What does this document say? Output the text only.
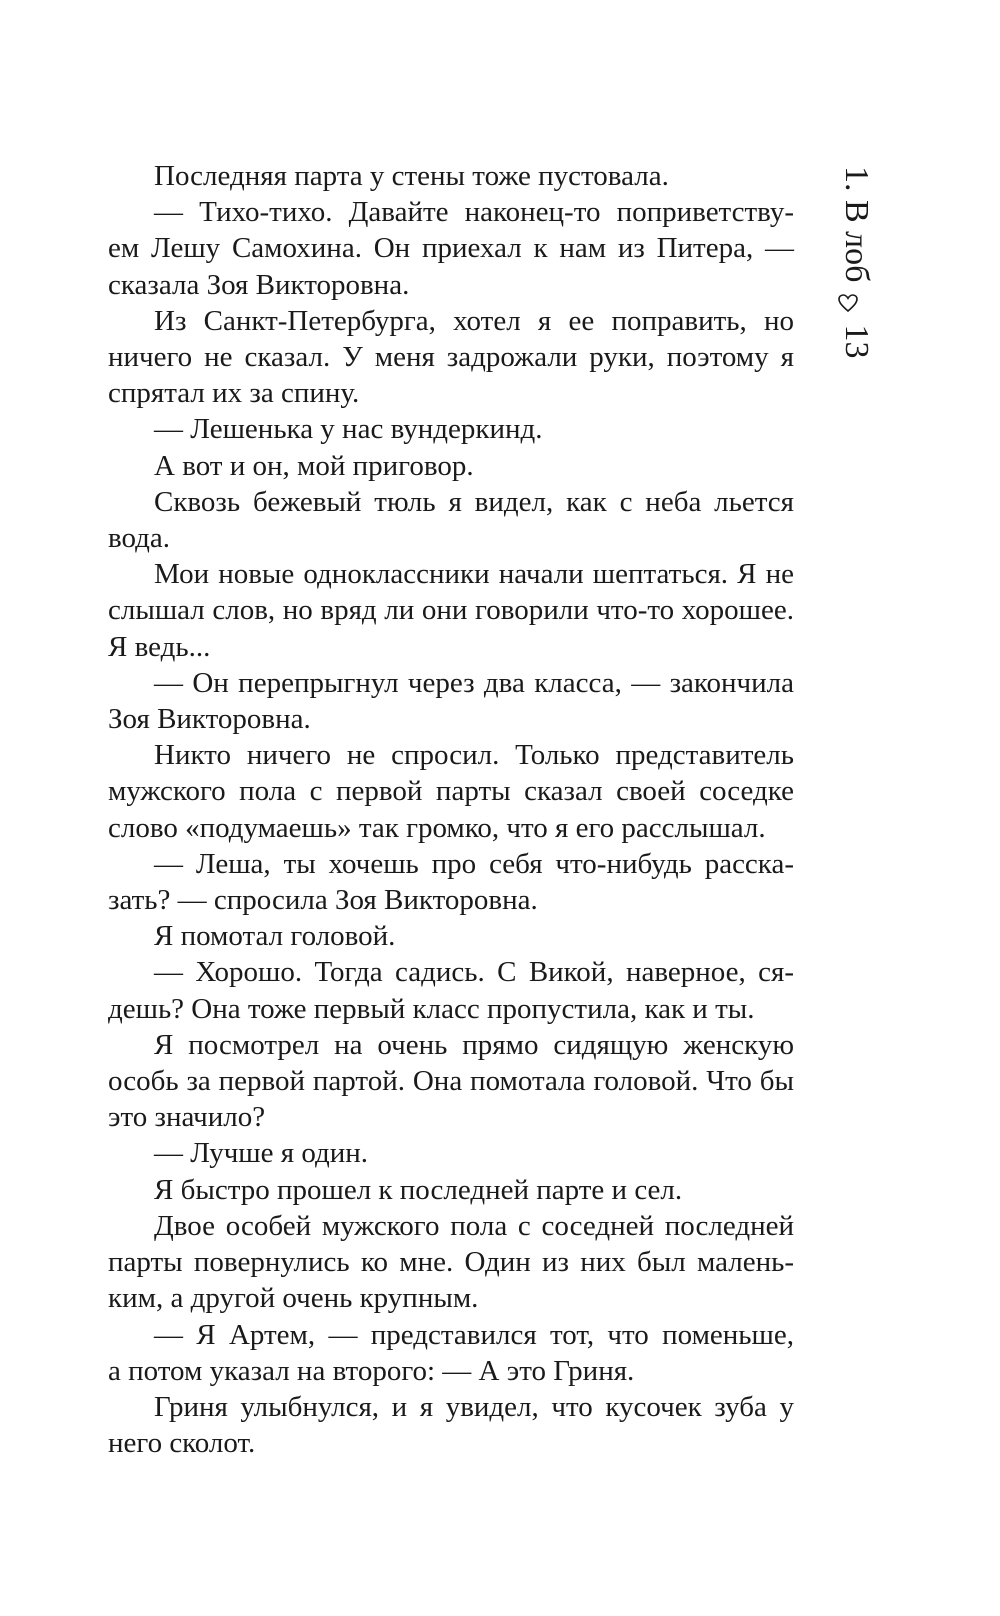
1. В лоб
13
Последняя парта у стены тоже пустовала.
— Тихо-тихо. Давайте наконец-то поприветству-
ем Лешу Самохина. Он приехал к нам из Питера, —
сказала Зоя Викторовна.
Из Санкт-Петербурга, хотел я ее поправить, но
ничего не сказал. У меня задрожали руки, поэтому я
спрятал их за спину.
— Лешенька у нас вундеркинд.
А вот и он, мой приговор.
Сквозь бежевый тюль я видел, как с неба льется
вода.
Мои новые одноклассники начали шептаться. Я не
слышал слов, но вряд ли они говорили что-то хорошее.
Я ведь...
— Он перепрыгнул через два класса, — закончила
Зоя Викторовна.
Никто ничего не спросил. Только представитель
мужского пола с первой парты сказал своей соседке
слово «подумаешь» так громко, что я его расслышал.
— Леша, ты хочешь про себя что-нибудь расска-
зать? — спросила Зоя Викторовна.
Я помотал головой.
— Хорошо. Тогда садись. С Викой, наверное, ся-
дешь? Она тоже первый класс пропустила, как и ты.
Я посмотрел на очень прямо сидящую женскую
особь за первой партой. Она помотала головой. Что бы
это значило?
— Лучше я один.
Я быстро прошел к последней парте и сел.
Двое особей мужского пола с соседней последней
парты повернулись ко мне. Один из них был малень-
ким, а другой очень крупным.
— Я Артем, — представился тот, что поменьше,
а потом указал на второго: — А это Гриня.
Гриня улыбнулся, и я увидел, что кусочек зуба у
него сколот.
